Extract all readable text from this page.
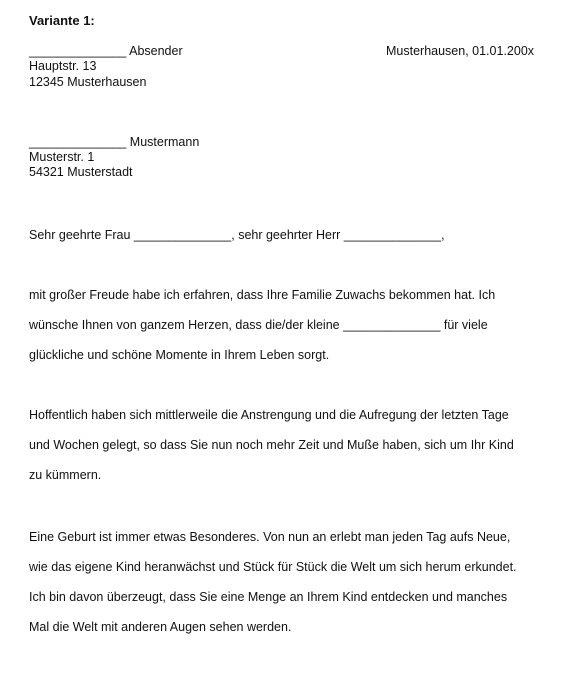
Variante 1:
______________ Absender	Musterhausen, 01.01.200x
Hauptstr. 13
12345 Musterhausen
______________ Mustermann
Musterstr. 1
54321 Musterstadt
Sehr geehrte Frau ______________, sehr geehrter Herr ______________,
mit großer Freude habe ich erfahren, dass Ihre Familie Zuwachs bekommen hat. Ich
wünsche Ihnen von ganzem Herzen, dass die/der kleine ______________ für viele
glückliche und schöne Momente in Ihrem Leben sorgt.
Hoffentlich haben sich mittlerweile die Anstrengung und die Aufregung der letzten Tage
und Wochen gelegt, so dass Sie nun noch mehr Zeit und Muße haben, sich um Ihr Kind
zu kümmern.
Eine Geburt ist immer etwas Besonderes. Von nun an erlebt man jeden Tag aufs Neue,
wie das eigene Kind heranwächst und Stück für Stück die Welt um sich herum erkundet.
Ich bin davon überzeugt, dass Sie eine Menge an Ihrem Kind entdecken und manches
Mal die Welt mit anderen Augen sehen werden.
